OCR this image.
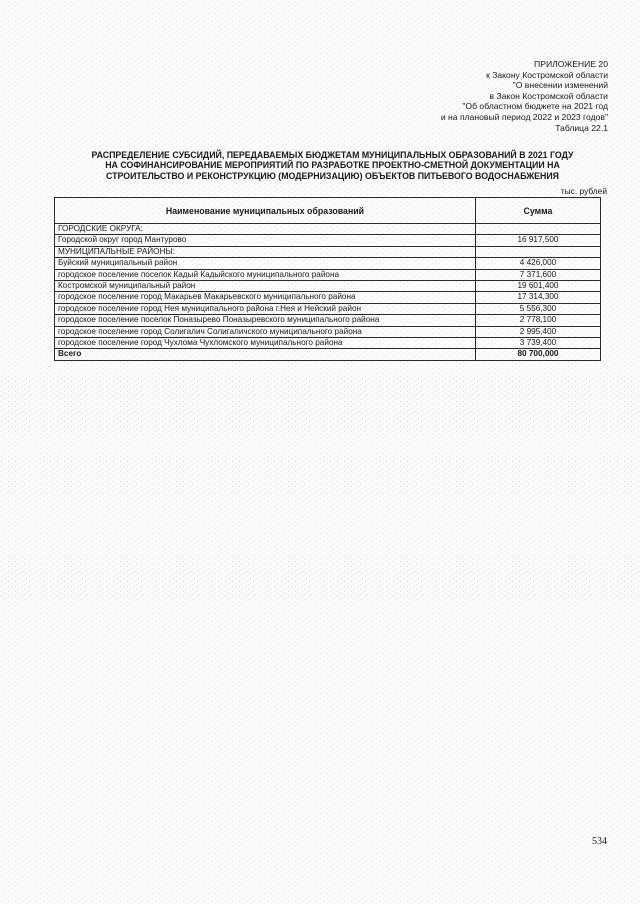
ПРИЛОЖЕНИЕ 20
к Закону Костромской области
"О внесении изменений
в Закон Костромской области
"Об областном бюджете на 2021 год
и на плановый период 2022 и 2023 годов"
Таблица 22.1
РАСПРЕДЕЛЕНИЕ СУБСИДИЙ, ПЕРЕДАВАЕМЫХ БЮДЖЕТАМ МУНИЦИПАЛЬНЫХ ОБРАЗОВАНИЙ В 2021 ГОДУ
НА СОФИНАНСИРОВАНИЕ МЕРОПРИЯТИЙ ПО РАЗРАБОТКЕ ПРОЕКТНО-СМЕТНОЙ ДОКУМЕНТАЦИИ НА
СТРОИТЕЛЬСТВО И РЕКОНСТРУКЦИЮ (МОДЕРНИЗАЦИЮ) ОБЪЕКТОВ ПИТЬЕВОГО ВОДОСНАБЖЕНИЯ
тыс. рублей
Наименование муниципальных образований	Сумма
ГОРОДСКИЕ ОКРУГА:	
Городской округ город Мантурово	16 917,500
МУНИЦИПАЛЬНЫЕ РАЙОНЫ:	
Буйский муниципальный район	4 426,000
городское поселение поселок Кадый Кадыйского муниципального района	7 371,600
Костромской муниципальный район	19 601,400
городское поселение город Макарьев Макарьевского муниципального района	17 314,300
городское поселение город Нея муниципального района г.Нея и Нейский район	5 556,300
городское поселение поселок Поназырево Поназыревского муниципального района	2 778,100
городское поселение город Солигалич Солигаличского муниципального района	2 995,400
городское поселение город Чухлома Чухломского муниципального района	3 739,400
Всего	80 700,000
534
